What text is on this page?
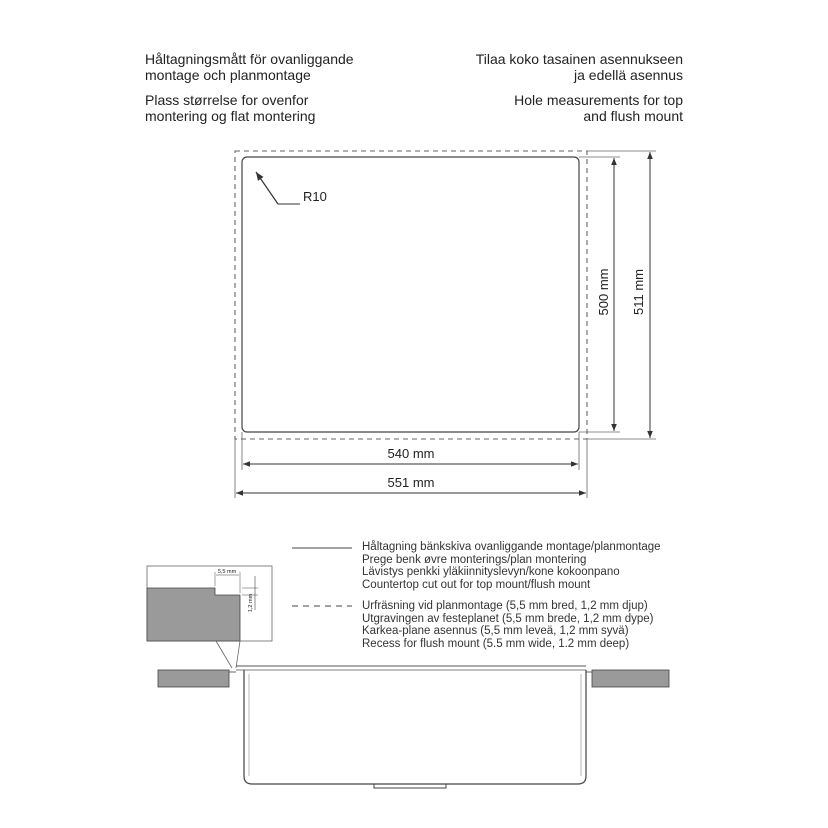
Håltagningsmått för ovanliggande
montage och planmontage
Plass størrelse for ovenfor
montering og flat montering
Tilaa koko tasainen asennukseen
ja edellä asennus
Hole measurements for top
and flush mount
R10
540 mm
551 mm
500 mm 511 mm
5,5 mm
1,2 mm
Håltagning bänkskiva ovanliggande montage/planmontage
Prege benk øvre monterings/plan montering
Lävistys penkki yläkiinnityslevyn/kone kokoonpano
Countertop cut out for top mount/flush mount
Urfräsning vid planmontage (5,5 mm bred, 1,2 mm djup)
Utgravingen av festeplanet (5,5 mm brede, 1,2 mm dype)
Karkea-plane asennus (5,5 mm leveä, 1,2 mm syvä)
Recess for flush mount (5.5 mm wide, 1.2 mm deep)
